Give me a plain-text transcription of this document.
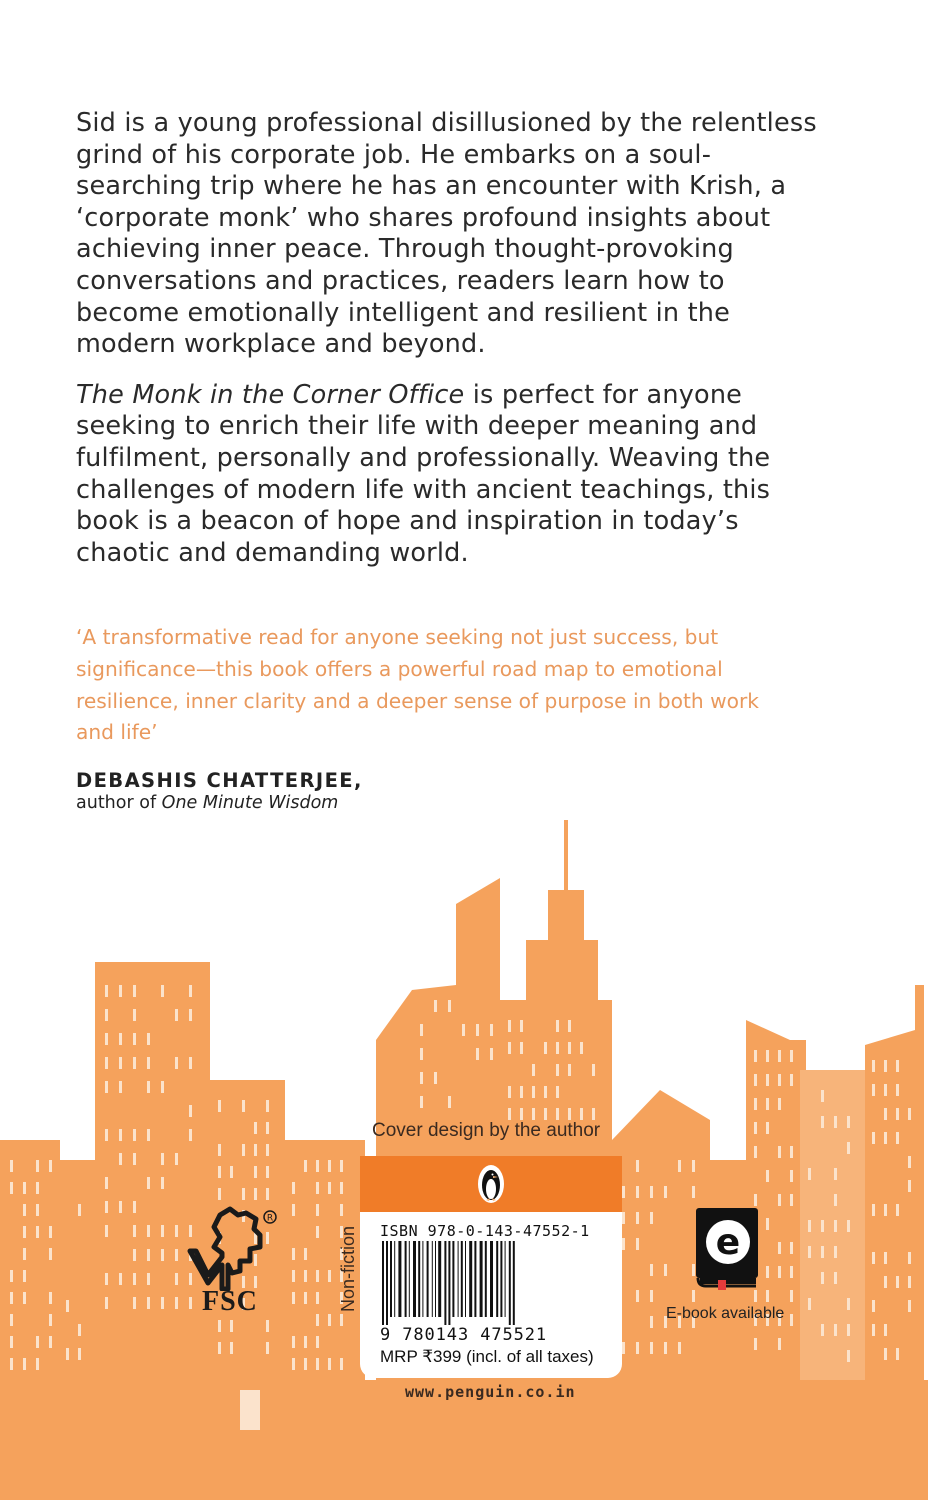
Sid is a young professional disillusioned by the relentless grind of his corporate job. He embarks on a soul-searching trip where he has an encounter with Krish, a ‘corporate monk’ who shares profound insights about achieving inner peace. Through thought-provoking conversations and practices, readers learn how to become emotionally intelligent and resilient in the modern workplace and beyond.

The Monk in the Corner Office is perfect for anyone seeking to enrich their life with deeper meaning and fulfilment, personally and professionally. Weaving the challenges of modern life with ancient teachings, this book is a beacon of hope and inspiration in today’s chaotic and demanding world.

‘A transformative read for anyone seeking not just success, but significance—this book offers a powerful road map to emotional resilience, inner clarity and a deeper sense of purpose in both work and life’
DEBASHIS CHATTERJEE,
author of One Minute Wisdom
Cover design by the author
Non-fiction ISBN 978-0-143-47552-1
9 780143 475521
MRP ₹399 (incl. of all taxes)
www.penguin.co.in
R
FSC
e
E-book available
